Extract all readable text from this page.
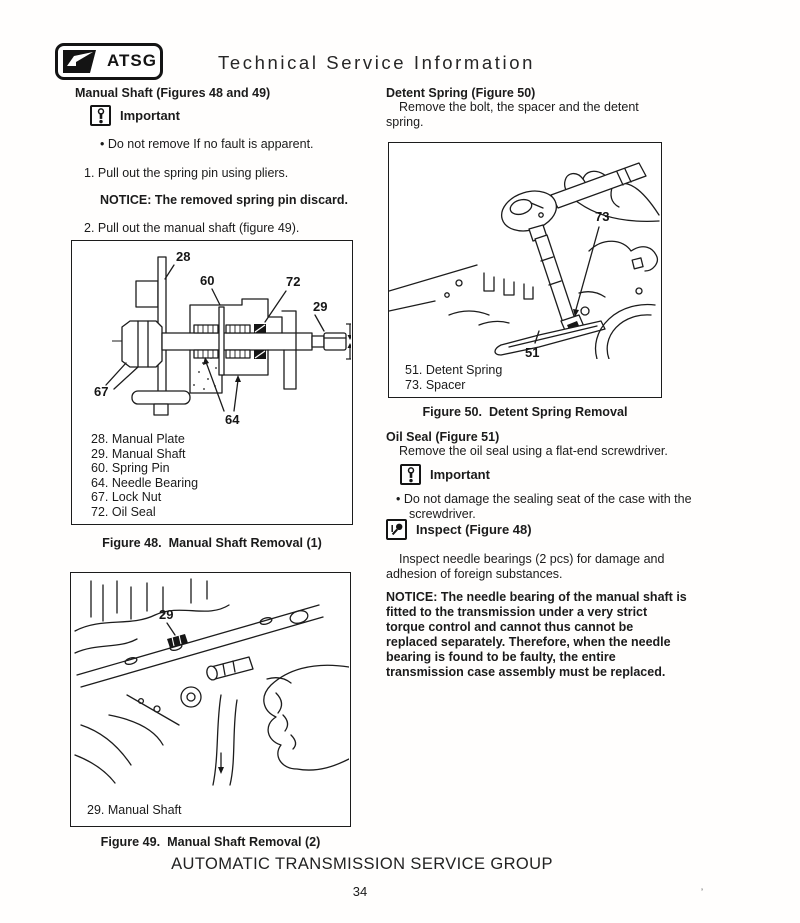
ATSG	Technical Service Information
Manual Shaft (Figures 48 and 49)
Important
• Do not remove If no fault is apparent.
1. Pull out the spring pin using pliers.
NOTICE: The removed spring pin discard.
2. Pull out the manual shaft (figure 49).
28
60	72
29
67
64
28. Manual Plate
29. Manual Shaft
60. Spring Pin
64. Needle Bearing
67. Lock Nut
72. Oil Seal
Figure 48.  Manual Shaft Removal (1)
29
29. Manual Shaft
Figure 49.  Manual Shaft Removal (2)
Detent Spring (Figure 50)
Remove the bolt, the spacer and the detent spring.
73
51
51. Detent Spring
73. Spacer
Figure 50.  Detent Spring Removal
Oil Seal (Figure 51)
Remove the oil seal using a flat-end screwdriver.
Important
• Do not damage the sealing seat of the case with the screwdriver.
Inspect (Figure 48)
Inspect needle bearings (2 pcs) for damage and adhesion of foreign substances.
NOTICE: The needle bearing of the manual shaft is
fitted to the transmission under a very strict
torque control and cannot thus cannot be
replaced separately. Therefore, when the needle
bearing is found to be faulty, the entire
transmission case assembly must be replaced.
AUTOMATIC TRANSMISSION SERVICE GROUP
34	’
